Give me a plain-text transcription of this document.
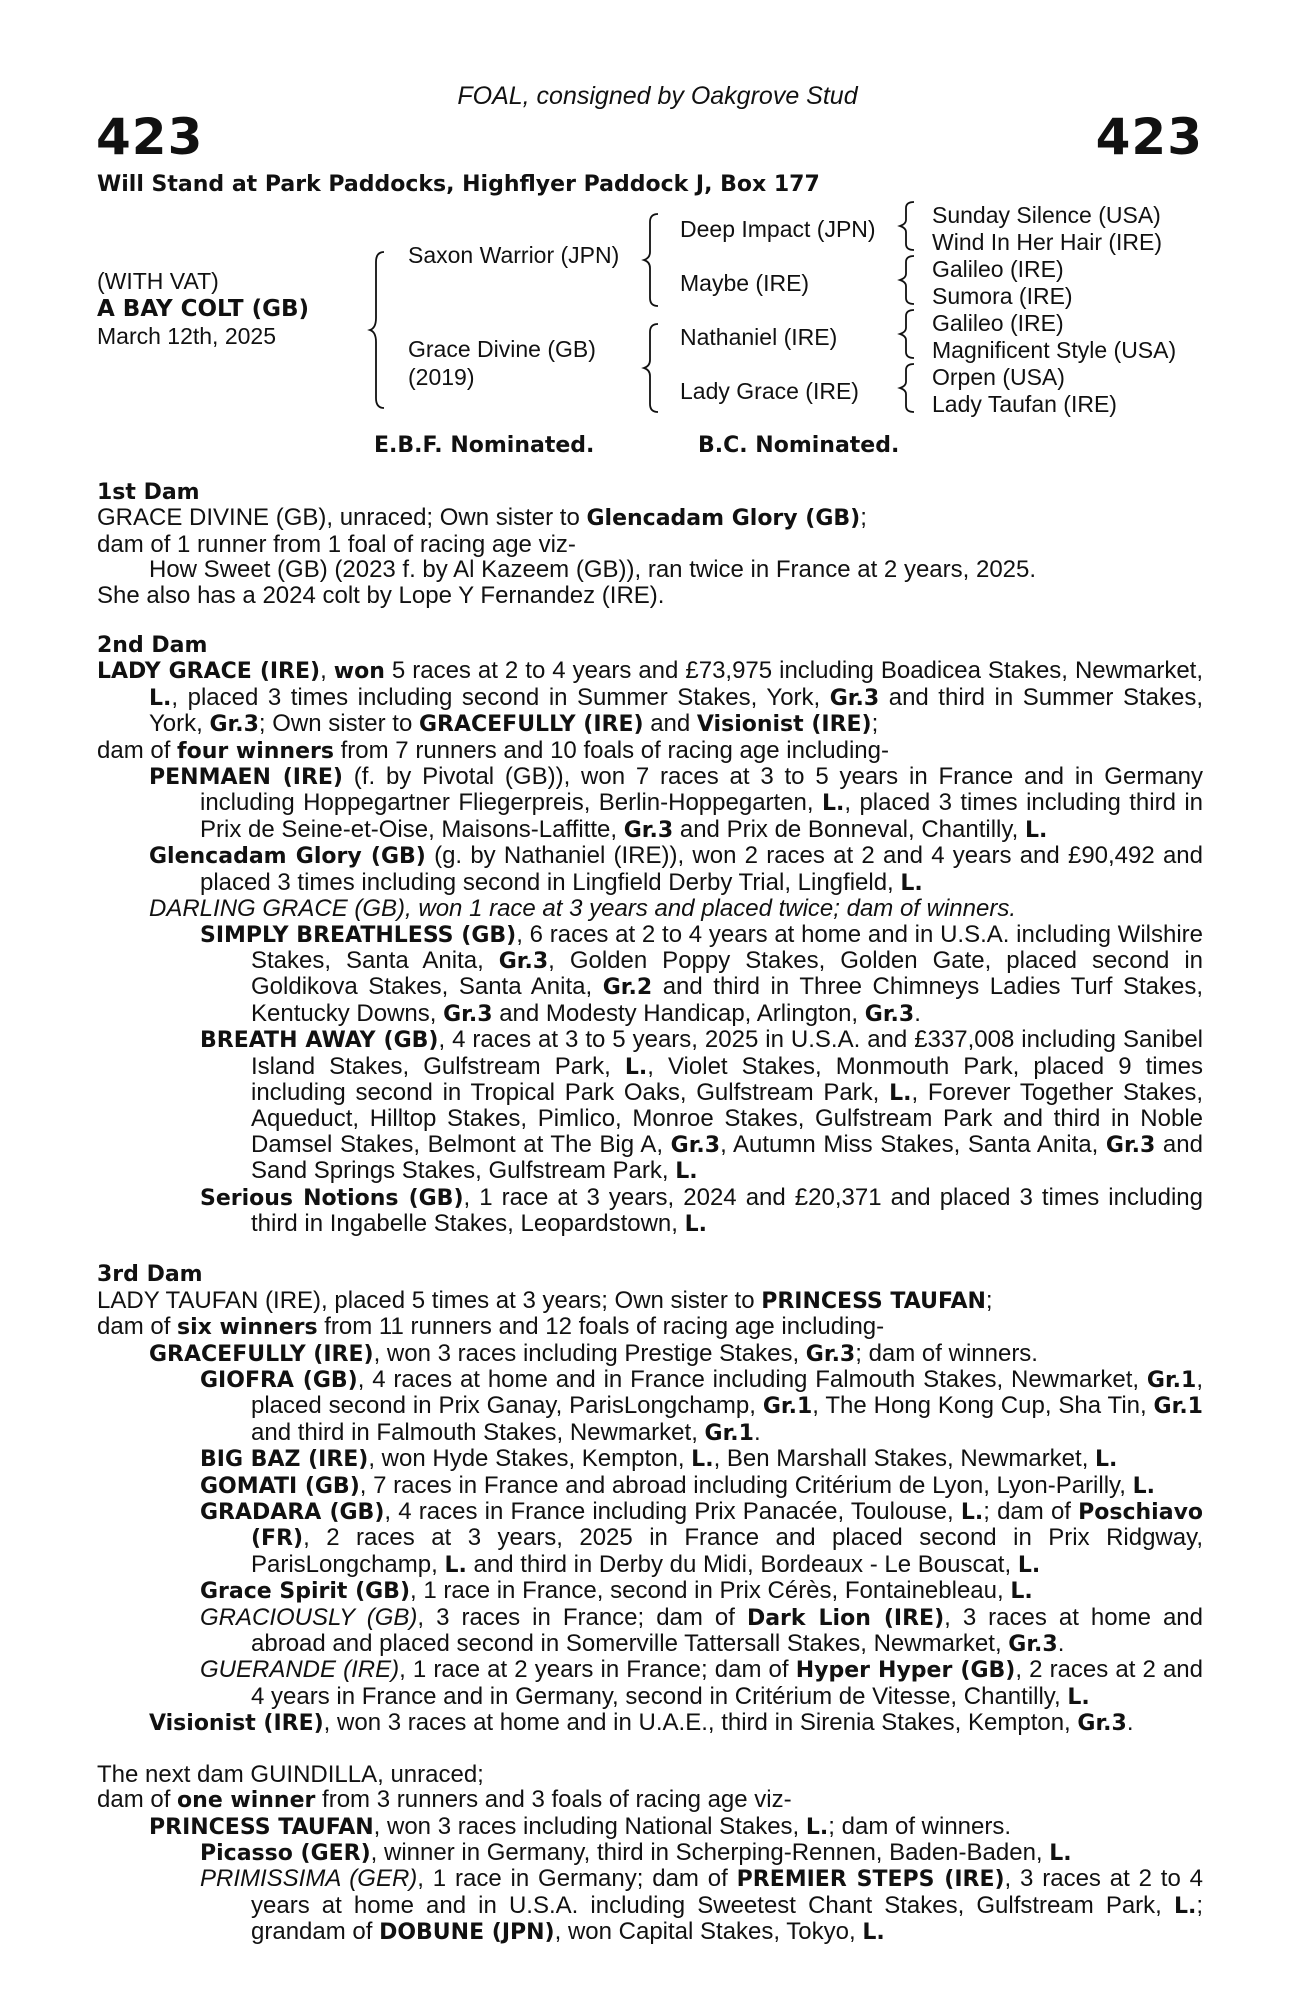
423	423
FOAL, consigned by Oakgrove Stud
Will Stand at Park Paddocks, Highflyer Paddock J, Box 177
(WITH VAT)
A BAY COLT (GB)
March 12th, 2025
Saxon Warrior (JPN)
Grace Divine (GB)
(2019)
Deep Impact (JPN)
Maybe (IRE)
Nathaniel (IRE)
Lady Grace (IRE)
Sunday Silence (USA)
Wind In Her Hair (IRE)
Galileo (IRE)
Sumora (IRE)
Galileo (IRE)
Magnificent Style (USA)
Orpen (USA)
Lady Taufan (IRE)
E.B.F. Nominated.	B.C. Nominated.

1st Dam

GRACE DIVINE (GB), unraced; Own sister to Glencadam Glory (GB);

dam of 1 runner from 1 foal of racing age viz-

How Sweet (GB) (2023 f. by Al Kazeem (GB)), ran twice in France at 2 years, 2025.

She also has a 2024 colt by Lope Y Fernandez (IRE).

2nd Dam

LADY GRACE (IRE), won 5 races at 2 to 4 years and £73,975 including Boadicea Stakes, Newmarket, L., placed 3 times including second in Summer Stakes, York, Gr.3 and third in Summer Stakes, York, Gr.3; Own sister to GRACEFULLY (IRE) and Visionist (IRE);

dam of four winners from 7 runners and 10 foals of racing age including-

PENMAEN (IRE) (f. by Pivotal (GB)), won 7 races at 3 to 5 years in France and in Germany including Hoppegartner Fliegerpreis, Berlin-Hoppegarten, L., placed 3 times including third in Prix de Seine-et-Oise, Maisons-Laffitte, Gr.3 and Prix de Bonneval, Chantilly, L.

Glencadam Glory (GB) (g. by Nathaniel (IRE)), won 2 races at 2 and 4 years and £90,492 and placed 3 times including second in Lingfield Derby Trial, Lingfield, L.

DARLING GRACE (GB), won 1 race at 3 years and placed twice; dam of winners.

SIMPLY BREATHLESS (GB), 6 races at 2 to 4 years at home and in U.S.A. including Wilshire Stakes, Santa Anita, Gr.3, Golden Poppy Stakes, Golden Gate, placed second in Goldikova Stakes, Santa Anita, Gr.2 and third in Three Chimneys Ladies Turf Stakes, Kentucky Downs, Gr.3 and Modesty Handicap, Arlington, Gr.3.

BREATH AWAY (GB), 4 races at 3 to 5 years, 2025 in U.S.A. and £337,008 including Sanibel Island Stakes, Gulfstream Park, L., Violet Stakes, Monmouth Park, placed 9 times including second in Tropical Park Oaks, Gulfstream Park, L., Forever Together Stakes, Aqueduct, Hilltop Stakes, Pimlico, Monroe Stakes, Gulfstream Park and third in Noble Damsel Stakes, Belmont at The Big A, Gr.3, Autumn Miss Stakes, Santa Anita, Gr.3 and Sand Springs Stakes, Gulfstream Park, L.

Serious Notions (GB), 1 race at 3 years, 2024 and £20,371 and placed 3 times including third in Ingabelle Stakes, Leopardstown, L.

3rd Dam

LADY TAUFAN (IRE), placed 5 times at 3 years; Own sister to PRINCESS TAUFAN;

dam of six winners from 11 runners and 12 foals of racing age including-

GRACEFULLY (IRE), won 3 races including Prestige Stakes, Gr.3; dam of winners.

GIOFRA (GB), 4 races at home and in France including Falmouth Stakes, Newmarket, Gr.1, placed second in Prix Ganay, ParisLongchamp, Gr.1, The Hong Kong Cup, Sha Tin, Gr.1 and third in Falmouth Stakes, Newmarket, Gr.1.

BIG BAZ (IRE), won Hyde Stakes, Kempton, L., Ben Marshall Stakes, Newmarket, L.

GOMATI (GB), 7 races in France and abroad including Critérium de Lyon, Lyon-Parilly, L.

GRADARA (GB), 4 races in France including Prix Panacée, Toulouse, L.; dam of Poschiavo (FR), 2 races at 3 years, 2025 in France and placed second in Prix Ridgway, ParisLongchamp, L. and third in Derby du Midi, Bordeaux - Le Bouscat, L.

Grace Spirit (GB), 1 race in France, second in Prix Cérès, Fontainebleau, L.

GRACIOUSLY (GB), 3 races in France; dam of Dark Lion (IRE), 3 races at home and abroad and placed second in Somerville Tattersall Stakes, Newmarket, Gr.3.

GUERANDE (IRE), 1 race at 2 years in France; dam of Hyper Hyper (GB), 2 races at 2 and 4 years in France and in Germany, second in Critérium de Vitesse, Chantilly, L.

Visionist (IRE), won 3 races at home and in U.A.E., third in Sirenia Stakes, Kempton, Gr.3.

The next dam GUINDILLA, unraced;

dam of one winner from 3 runners and 3 foals of racing age viz-

PRINCESS TAUFAN, won 3 races including National Stakes, L.; dam of winners.

Picasso (GER), winner in Germany, third in Scherping-Rennen, Baden-Baden, L.

PRIMISSIMA (GER), 1 race in Germany; dam of PREMIER STEPS (IRE), 3 races at 2 to 4 years at home and in U.S.A. including Sweetest Chant Stakes, Gulfstream Park, L.; grandam of DOBUNE (JPN), won Capital Stakes, Tokyo, L.
